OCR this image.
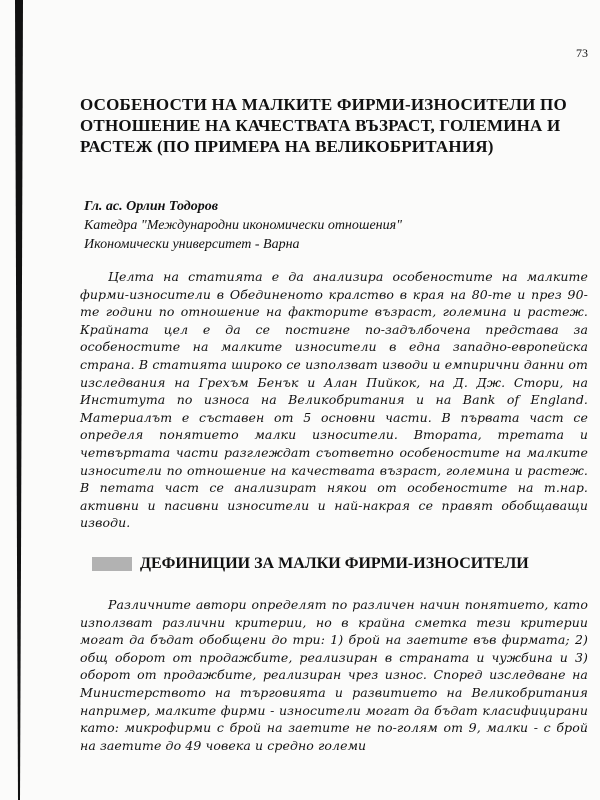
73
ОСОБЕНОСТИ НА МАЛКИТЕ ФИРМИ-ИЗНОСИТЕЛИ ПО ОТНОШЕНИЕ НА КАЧЕСТВАТА ВЪЗРАСТ, ГОЛЕМИНА И РАСТЕЖ (ПО ПРИМЕРА НА ВЕЛИКОБРИТАНИЯ)
Гл. ас. Орлин Тодоров
Катедра "Международни икономически отношения"
Икономически университет - Варна

Целта на статията е да анализира особеностите на малките фирми-износители в Обединеното кралство в края на 80-те и през 90-те години по отношение на факторите възраст, големина и растеж. Крайната цел е да се постигне по-задълбочена представа за особеностите на малките износители в една западно-европейска страна. В статията широко се използват изводи и емпирични данни от изследвания на Грехъм Бенък и Алан Пийкок, на Д. Дж. Стори, на Института по износа на Великобритания и на Bank of England. Материалът е съставен от 5 основни части. В първата част се определя понятието малки износители. Втората, третата и четвъртата части разглеждат съответно особеностите на малките износители по отношение на качествата възраст, големина и растеж. В петата част се анализират някои от особеностите на т.нар. активни и пасивни износители и най-накрая се правят обобщаващи изводи.

ДЕФИНИЦИИ ЗА МАЛКИ ФИРМИ-ИЗНОСИТЕЛИ

Различните автори определят по различен начин понятието, като използват различни критерии, но в крайна сметка тези критерии могат да бъдат обобщени до три: 1) брой на заетите във фирмата; 2) общ оборот от продажбите, реализиран в страната и чужбина и 3) оборот от продажбите, реализиран чрез износ. Според изследване на Министерството на търговията и развитието на Великобритания например, малките фирми - износители могат да бъдат класифицирани като: микрофирми с брой на заетите не по-голям от 9, малки - с брой на заетите до 49 човека и средно големи
